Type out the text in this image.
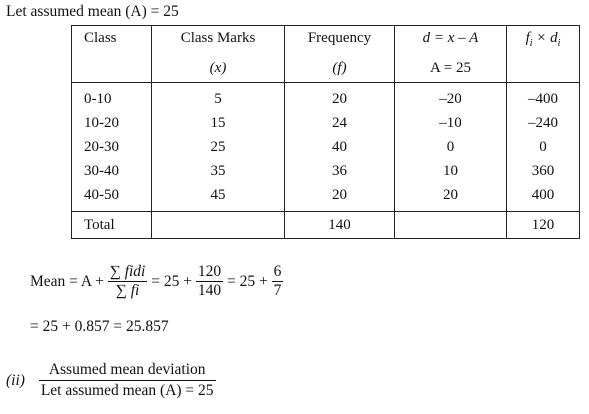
Let assumed mean (A) = 25
Class	Class Marks	Frequency	d = x – A	$f_i \times d_i$
	(x)	(f)	A = 25	

0-10	5	20	–20	–400
10-20	15	24	–10	–240
20-30	25	40	0	0
30-40	35	36	10	360
40-50	45	20	20	400

Total		140		120
Mean = $A + \frac{\text{∑ fidi}}{\sum fi} = 25 + \frac{120}{140} = 25 + \frac{6}{7}$
= 25 + 0.857 = 25.857
$(ii) \frac{\text{Assumed mean deviation}}{\text{Let assumed mean (A) = 25}}$
